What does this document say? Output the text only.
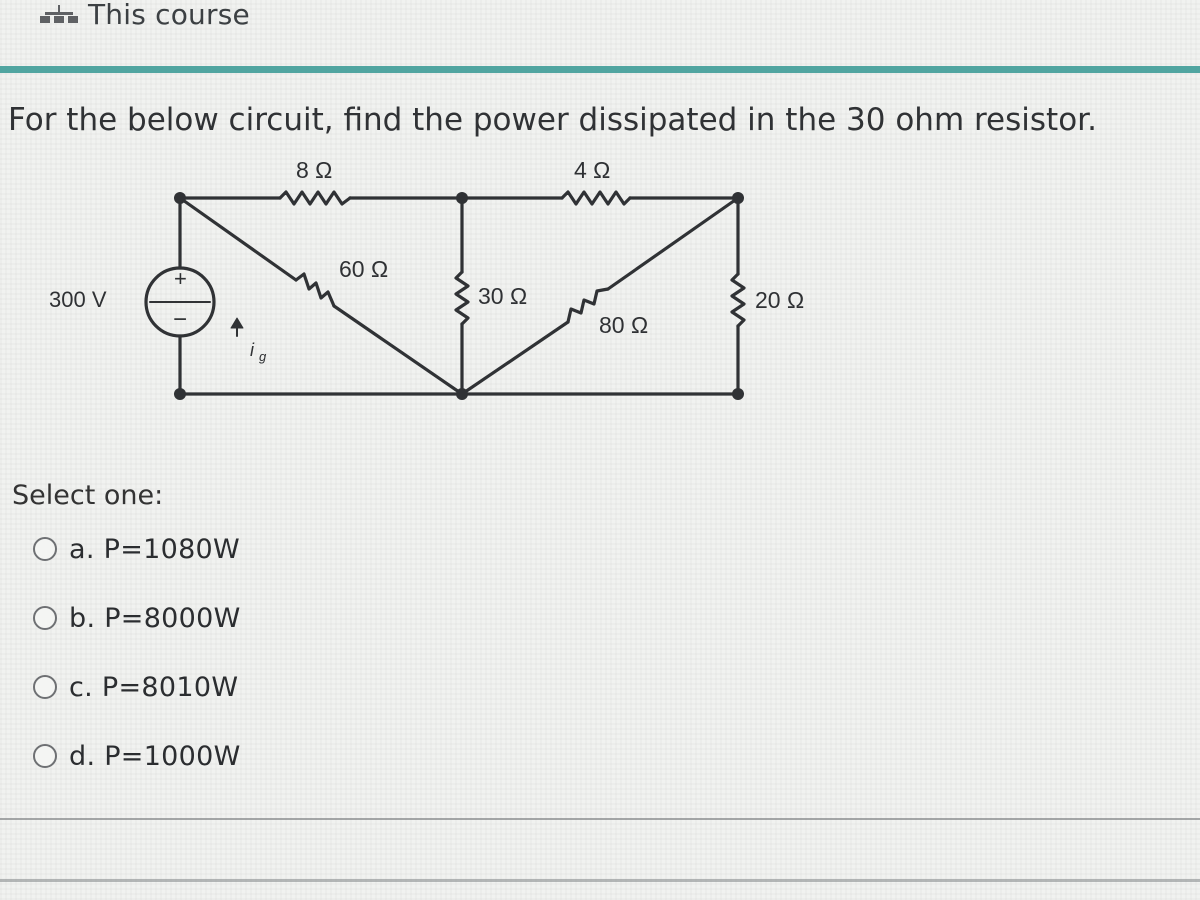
This course
For the below circuit, find the power dissipated in the 30 ohm resistor.
8 Ω	4 Ω
60 Ω
30 Ω
80 Ω
20 Ω
300 V
+
−
i $_g$
Select one:
a. P=1080W
b. P=8000W
c. P=8010W
d. P=1000W
